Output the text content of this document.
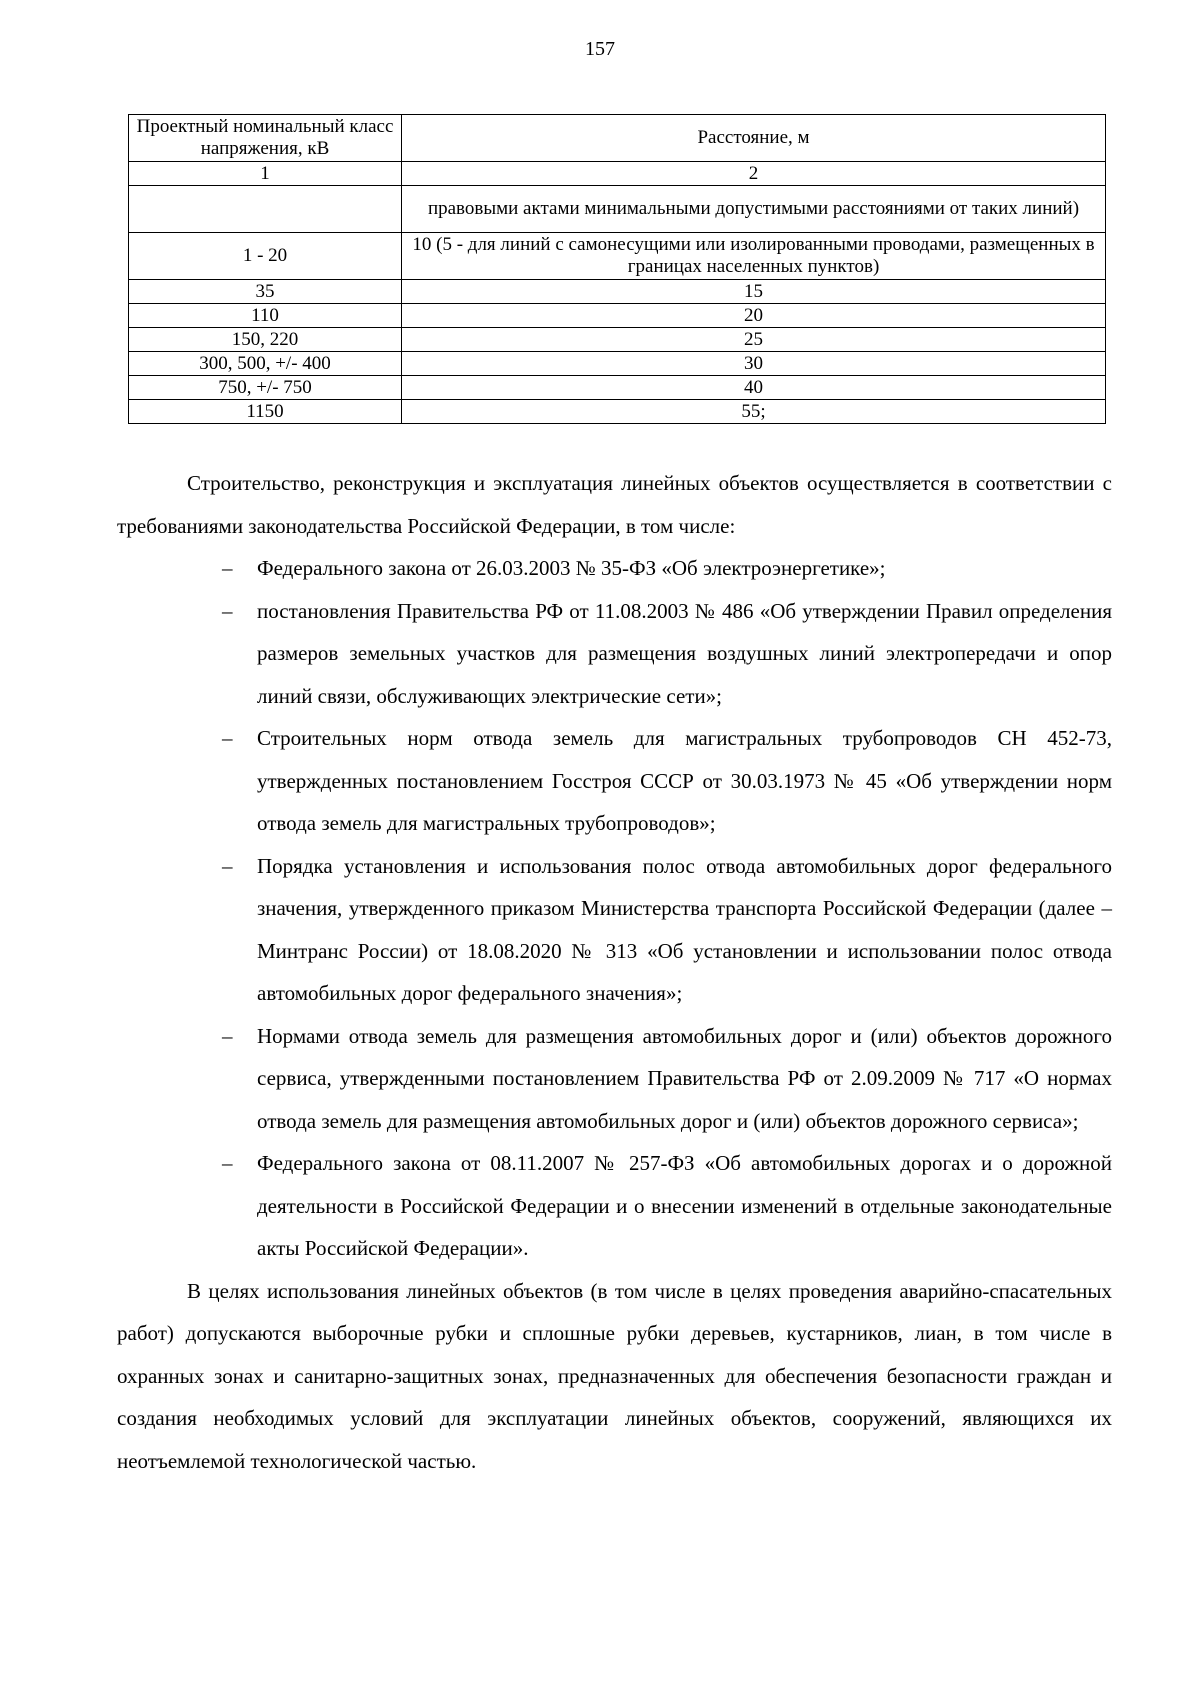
157
Проектный номинальный класс напряжения, кВ	Расстояние, м
1	2
	правовыми актами минимальными допустимыми расстояниями от таких линий)
1 - 20	10 (5 - для линий с самонесущими или изолированными проводами, размещенных в границах населенных пунктов)
35	15
110	20
150, 220	25
300, 500, +/- 400	30
750, +/- 750	40
1150	55;

Строительство, реконструкция и эксплуатация линейных объектов осуществляется в соответствии с требованиями законодательства Российской Федерации, в том числе:

– Федерального закона от 26.03.2003 № 35-ФЗ «Об электроэнергетике»;
– постановления Правительства РФ от 11.08.2003 № 486 «Об утверждении Правил определения размеров земельных участков для размещения воздушных линий электропередачи и опор линий связи, обслуживающих электрические сети»;
– Строительных норм отвода земель для магистральных трубопроводов СН 452-73, утвержденных постановлением Госстроя СССР от 30.03.1973 № 45 «Об утверждении норм отвода земель для магистральных трубопроводов»;
– Порядка установления и использования полос отвода автомобильных дорог федерального значения, утвержденного приказом Министерства транспорта Российской Федерации (далее – Минтранс России) от 18.08.2020 № 313 «Об установлении и использовании полос отвода автомобильных дорог федерального значения»;
– Нормами отвода земель для размещения автомобильных дорог и (или) объектов дорожного сервиса, утвержденными постановлением Правительства РФ от 2.09.2009 № 717 «О нормах отвода земель для размещения автомобильных дорог и (или) объектов дорожного сервиса»;
– Федерального закона от 08.11.2007 № 257-ФЗ «Об автомобильных дорогах и о дорожной деятельности в Российской Федерации и о внесении изменений в отдельные законодательные акты Российской Федерации».

В целях использования линейных объектов (в том числе в целях проведения аварийно-спасательных работ) допускаются выборочные рубки и сплошные рубки деревьев, кустарников, лиан, в том числе в охранных зонах и санитарно-защитных зонах, предназначенных для обеспечения безопасности граждан и создания необходимых условий для эксплуатации линейных объектов, сооружений, являющихся их неотъемлемой технологической частью.
